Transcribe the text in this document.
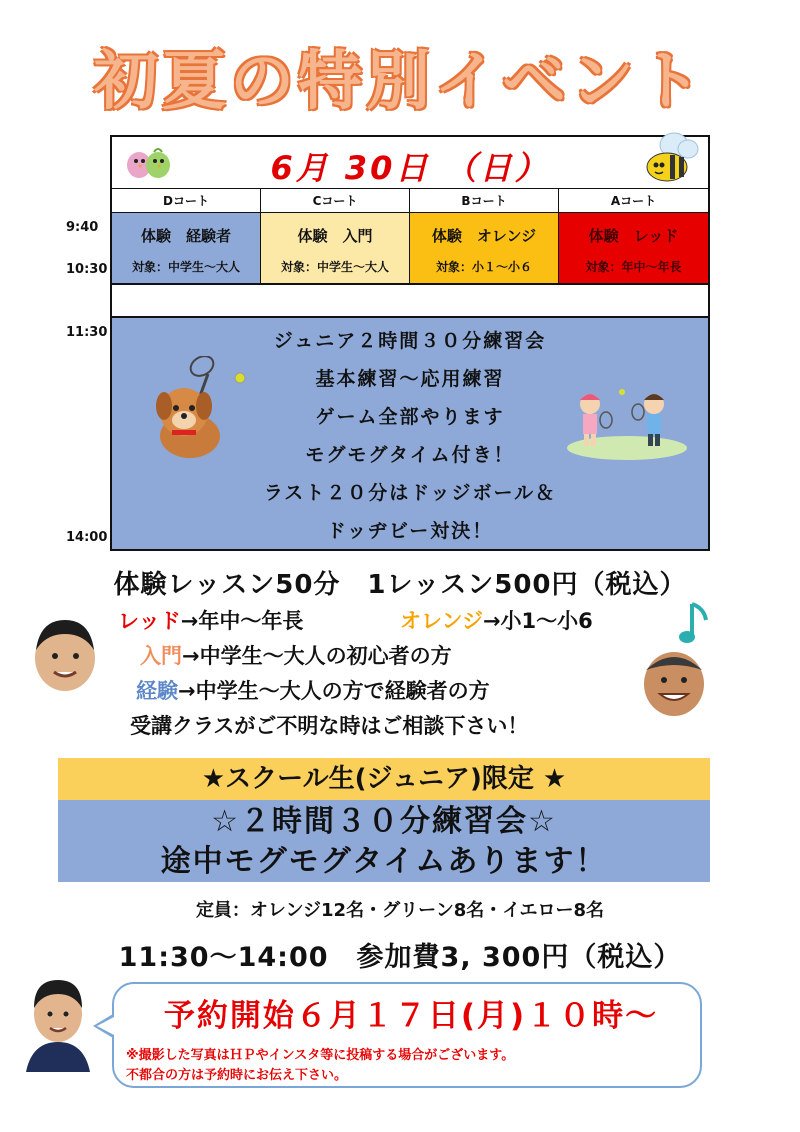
初夏の特別イベント
9:40
10:30
11:30
14:00
6月 30日 （日）
Dコート	Cコート	Bコート	Aコート
体験　経験者
対象：中学生～大人
体験　入門
対象：中学生～大人
体験　オレンジ
対象：小１～小６
体験　レッド
対象：年中～年長
ジュニア２時間３０分練習会
基本練習～応用練習
ゲーム全部やります
モグモグタイム付き！
ラスト２０分はドッジボール＆
ドッヂビー対決！
体験レッスン50分　1レッスン500円（税込）
レッド→年中～年長	オレンジ→小1～小6
入門→中学生～大人の初心者の方
経験→中学生～大人の方で経験者の方
受講クラスがご不明な時はご相談下さい！
★スクール生(ジュニア)限定 ★
☆２時間３０分練習会☆
途中モグモグタイムあります！
定員：オレンジ12名・グリーン8名・イエロー8名
11:30～14:00　参加費3, 300円（税込）
予約開始６月１７日(月)１０時～
※撮影した写真はＨＰやインスタ等に投稿する場合がございます。
不都合の方は予約時にお伝え下さい。
